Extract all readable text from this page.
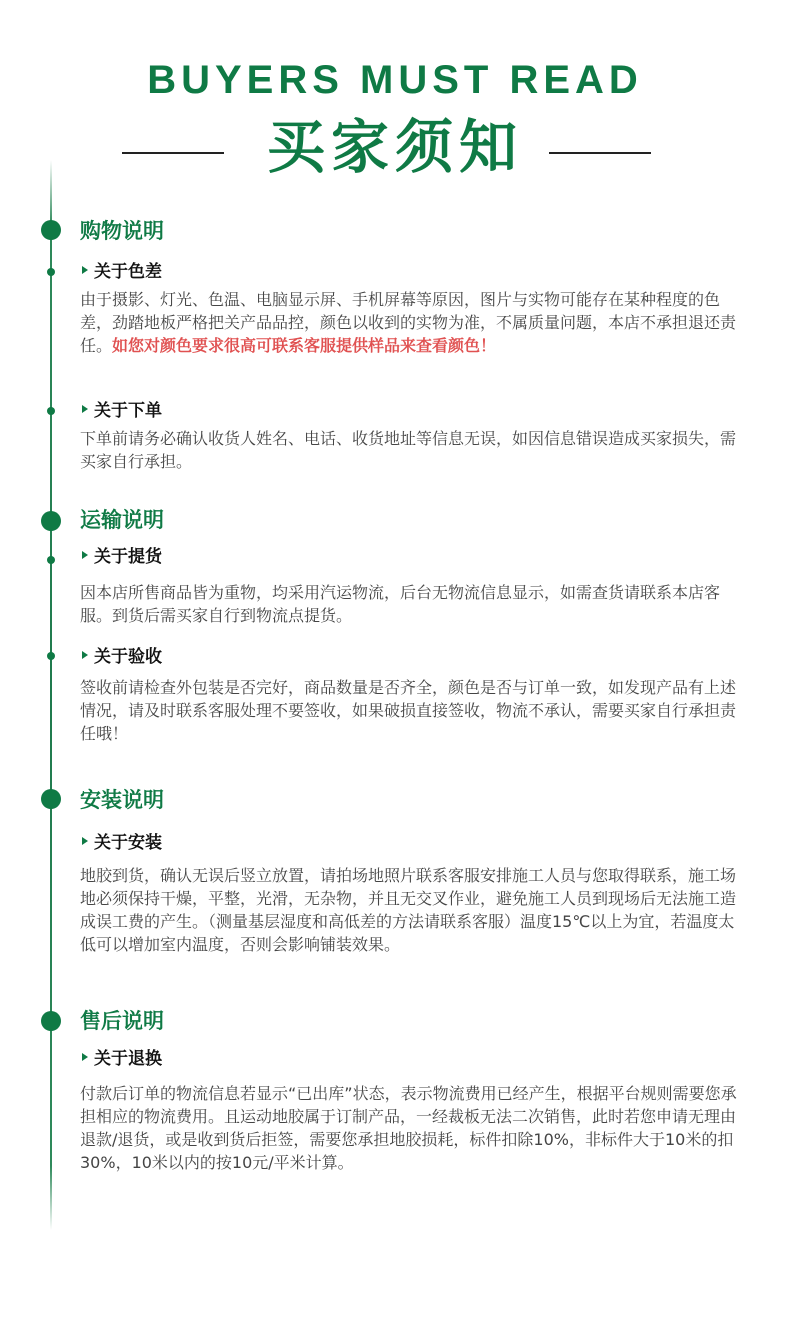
BUYERS MUST READ
买家须知
购物说明
关于色差
由于摄影、灯光、色温、电脑显示屏、手机屏幕等原因，图片与实物可能存在某种程度的色差，劲踏地板严格把关产品品控，颜色以收到的实物为准，不属质量问题，本店不承担退还责任。如您对颜色要求很高可联系客服提供样品来查看颜色！
关于下单
下单前请务必确认收货人姓名、电话、收货地址等信息无误，如因信息错误造成买家损失，需买家自行承担。
运输说明
关于提货
因本店所售商品皆为重物，均采用汽运物流，后台无物流信息显示，如需查货请联系本店客服。到货后需买家自行到物流点提货。
关于验收
签收前请检查外包装是否完好，商品数量是否齐全，颜色是否与订单一致，如发现产品有上述情况，请及时联系客服处理不要签收，如果破损直接签收，物流不承认，需要买家自行承担责任哦！
安装说明
关于安装
地胶到货，确认无误后竖立放置，请拍场地照片联系客服安排施工人员与您取得联系，施工场地必须保持干燥，平整，光滑，无杂物，并且无交叉作业，避免施工人员到现场后无法施工造成误工费的产生。（测量基层湿度和高低差的方法请联系客服）温度15℃以上为宜，若温度太低可以增加室内温度，否则会影响铺装效果。
售后说明
关于退换
付款后订单的物流信息若显示“已出库”状态，表示物流费用已经产生，根据平台规则需要您承担相应的物流费用。且运动地胶属于订制产品，一经裁板无法二次销售，此时若您申请无理由退款/退货，或是收到货后拒签，需要您承担地胶损耗，标件扣除10%，非标件大于10米的扣30%，10米以内的按10元/平米计算。
